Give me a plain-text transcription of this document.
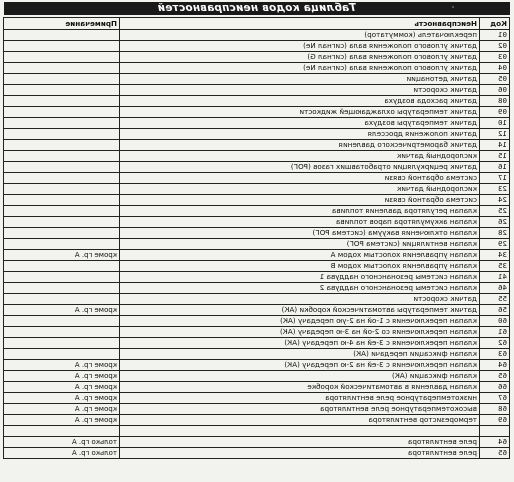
Таблица кодов неисправностей
Код	Неисправность	Примечание
01	переключатель (коммутатор)	
02	датчик углового положения вала (сигнал Ne)	
03	датчик углового положения вала (сигнал G)	
04	датчик углового положения вала (сигнал Ne)	
05	датчик детонации	
06	датчик скорости	
08	датчик расхода воздуха	
09	датчик температуры охлаждающей жидкости	
10	датчик температуры воздуха	
12	датчик положения дросселя	
14	датчик барометрического давления	
15	кислородный датчик	
16	датчик рециркуляции отработавших газов (РОГ)	
17	система обратной связи	
23	кислородный датчик	
24	система обратной связи	
25	клапан регулятора давления топлива	
26	клапан аккумулятора паров топлива	
28	клапан отключения вакуума (система РОГ)	
29	клапан вентиляции (система РОГ)	
34	клапан управления холостым ходом А	кроме гр. А
35	клапан управления холостым ходом В	
41	клапан системы резонансного наддува 1	
46	клапан системы резонансного наддува 2	
55	датчик скорости	
56	датчик температуры автоматической коробки (АК)	кроме гр. А
60	клапан переключения с 1-ой на 2-ую передачу (АК)	
61	клапан переключения со 2-ой на 3-ю передачу (АК)	
62	клапан переключения с 3-ей на 4-ю передачу (АК)	
63	клапан фиксации передачи (АК)	
64	клапан переключения с 3-ей на 2-ю передачу (АК)	кроме гр. А
65	клапан фиксации (АК)	кроме гр. А
66	клапан давления в автоматической коробке	кроме гр. А
67	низкотемпературное реле вентилятора	кроме гр. А
68	высокотемпературное реле вентилятора	кроме гр. А
69	терморезистор вентилятора	кроме гр. А

64	реле вентилятора	только гр. А
65	реле вентилятора	только гр. А
